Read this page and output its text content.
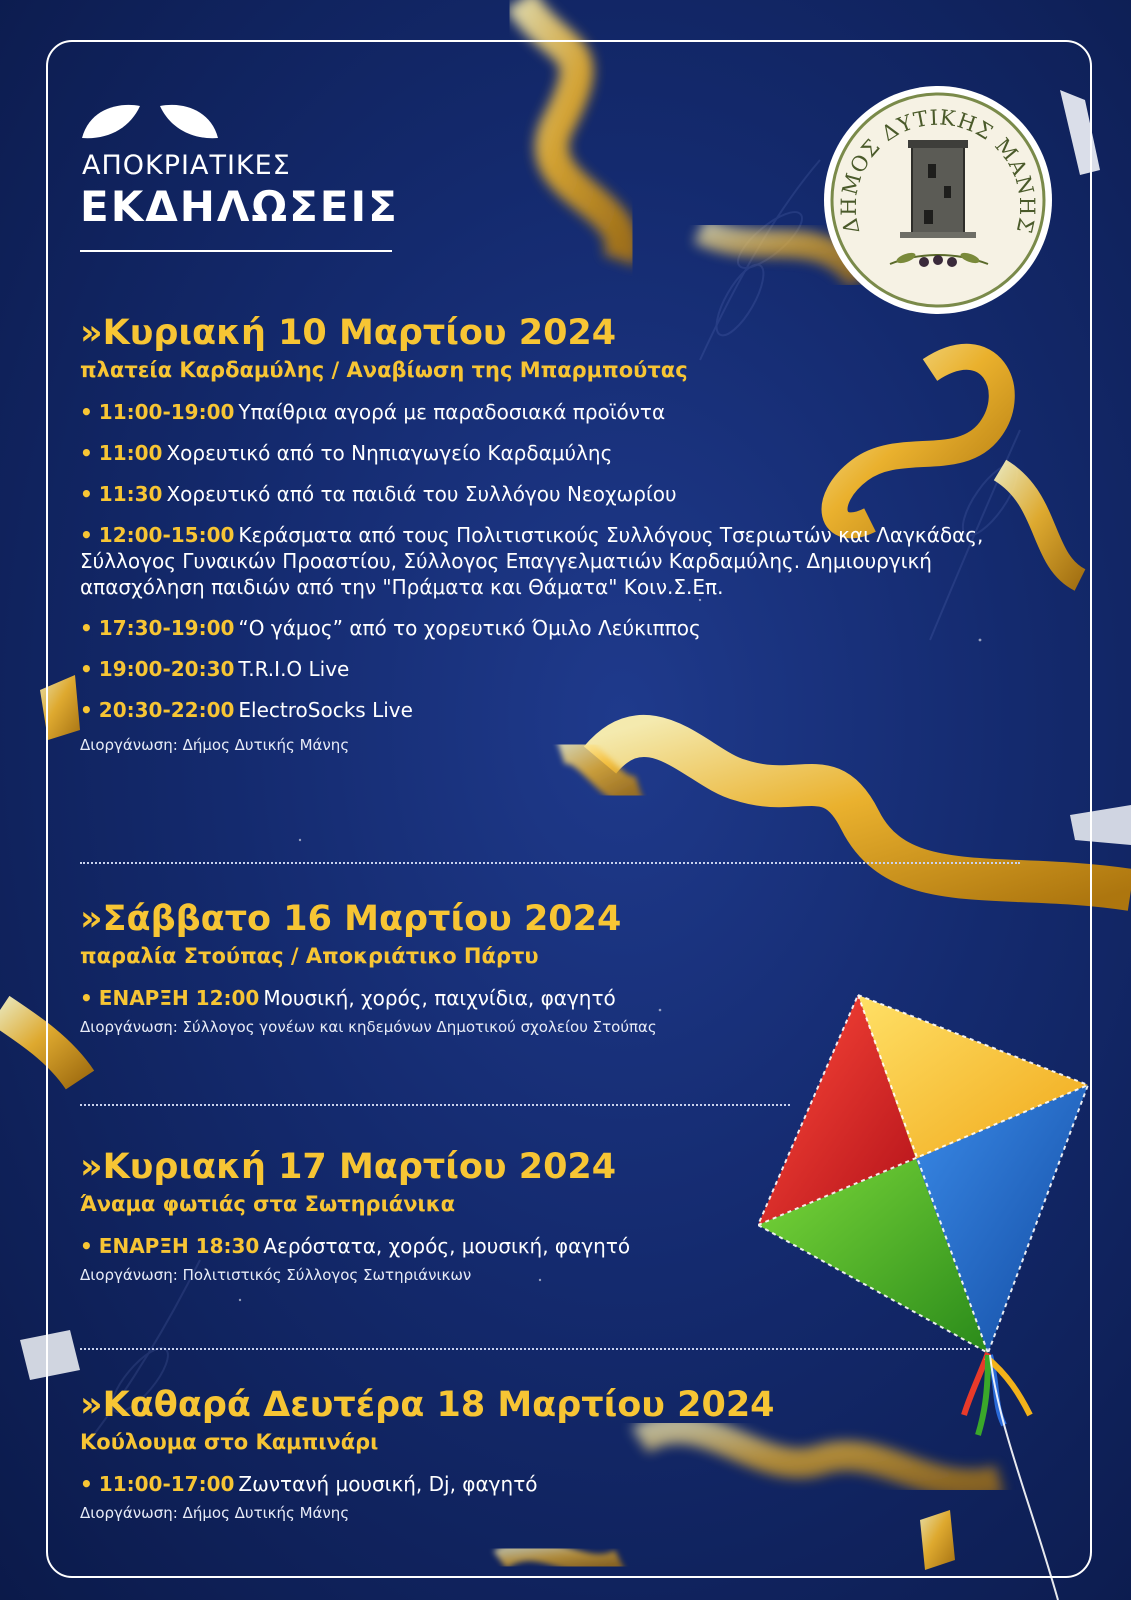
ΑΠΟΚΡΙΑΤΙΚΕΣ
ΕΚΔΗΛΩΣΕΙΣ	ΔΗΜΟΣ ΔΥΤΙΚΗΣ ΜΑΝΗΣ
»Κυριακή 10 Μαρτίου 2024
πλατεία Καρδαμύλης / Αναβίωση της Μπαρμπούτας
• 11:00-19:00 Υπαίθρια αγορά με παραδοσιακά προϊόντα
• 11:00 Χορευτικό από το Νηπιαγωγείο Καρδαμύλης
• 11:30 Χορευτικό από τα παιδιά του Συλλόγου Νεοχωρίου
• 12:00-15:00 Κεράσματα από τους Πολιτιστικούς Συλλόγους Τσεριωτών και Λαγκάδας, Σύλλογος Γυναικών Προαστίου, Σύλλογος Επαγγελματιών Καρδαμύλης. Δημιουργική απασχόληση παιδιών από την "Πράματα και Θάματα" Κοιν.Σ.Επ.
• 17:30-19:00 “Ο γάμος” από το χορευτικό Όμιλο Λεύκιππος
• 19:00-20:30 T.R.I.O Live
• 20:30-22:00 ElectroSocks Live
Διοργάνωση: Δήμος Δυτικής Μάνης
»Σάββατο 16 Μαρτίου 2024
παραλία Στούπας / Αποκριάτικο Πάρτυ
• ΕΝΑΡΞΗ 12:00 Μουσική, χορός, παιχνίδια, φαγητό
Διοργάνωση: Σύλλογος γονέων και κηδεμόνων Δημοτικού σχολείου Στούπας
»Κυριακή 17 Μαρτίου 2024
Άναμα φωτιάς στα Σωτηριάνικα
• ΕΝΑΡΞΗ 18:30 Αερόστατα, χορός, μουσική, φαγητό
Διοργάνωση: Πολιτιστικός Σύλλογος Σωτηριάνικων
»Καθαρά Δευτέρα 18 Μαρτίου 2024
Κούλουμα στο Καμπινάρι
• 11:00-17:00 Ζωντανή μουσική, Dj, φαγητό
Διοργάνωση: Δήμος Δυτικής Μάνης
